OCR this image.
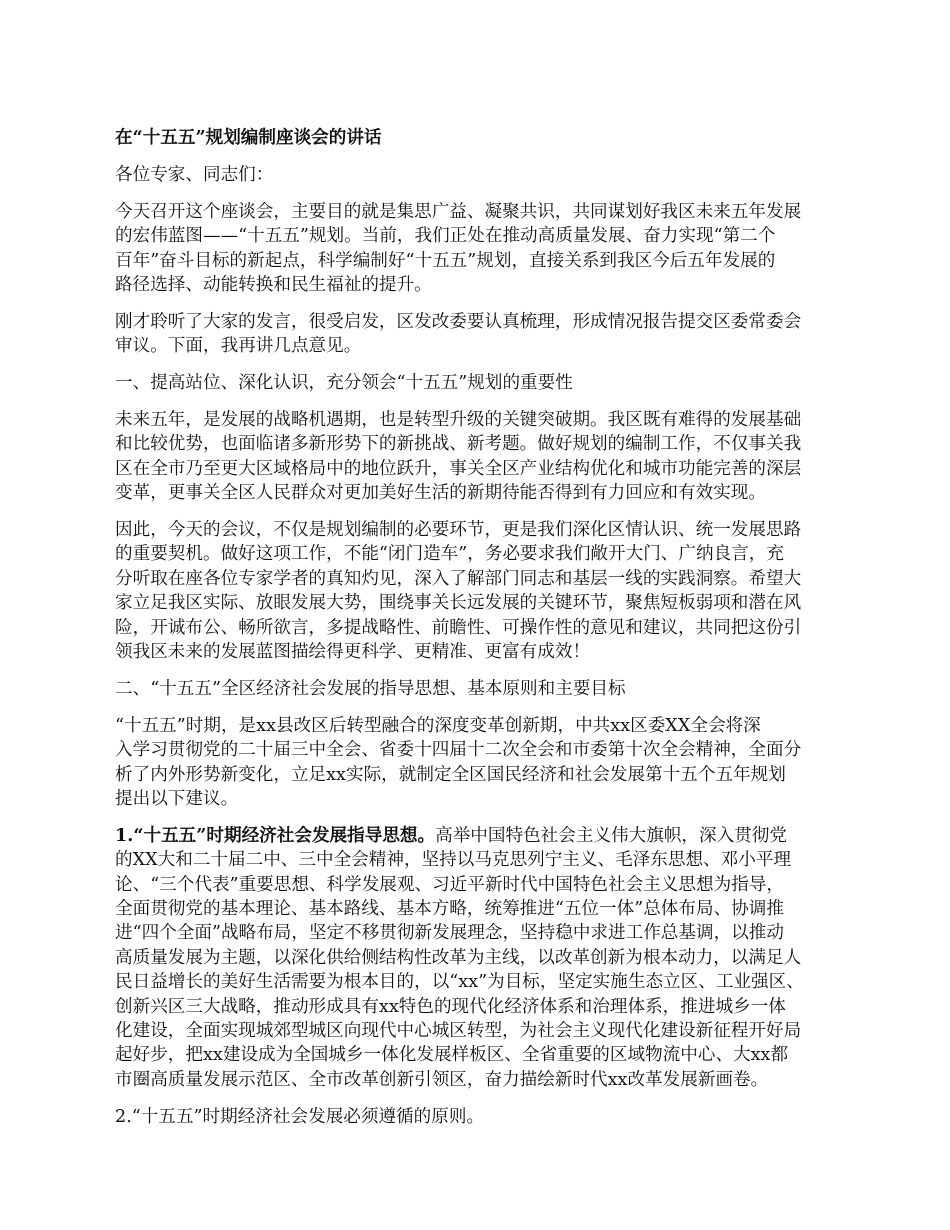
在“十五五”规划编制座谈会的讲话
各位专家、同志们：
今天召开这个座谈会，主要目的就是集思广益、凝聚共识，共同谋划好我区未来五年发展
的宏伟蓝图——“十五五”规划。当前，我们正处在推动高质量发展、奋力实现“第二个
百年”奋斗目标的新起点，科学编制好“十五五”规划，直接关系到我区今后五年发展的
路径选择、动能转换和民生福祉的提升。
刚才聆听了大家的发言，很受启发，区发改委要认真梳理，形成情况报告提交区委常委会
审议。下面，我再讲几点意见。
一、提高站位、深化认识，充分领会“十五五”规划的重要性
未来五年，是发展的战略机遇期，也是转型升级的关键突破期。我区既有难得的发展基础
和比较优势，也面临诸多新形势下的新挑战、新考题。做好规划的编制工作，不仅事关我
区在全市乃至更大区域格局中的地位跃升，事关全区产业结构优化和城市功能完善的深层
变革，更事关全区人民群众对更加美好生活的新期待能否得到有力回应和有效实现。
因此，今天的会议，不仅是规划编制的必要环节，更是我们深化区情认识、统一发展思路
的重要契机。做好这项工作，不能“闭门造车”，务必要求我们敞开大门、广纳良言，充
分听取在座各位专家学者的真知灼见，深入了解部门同志和基层一线的实践洞察。希望大
家立足我区实际、放眼发展大势，围绕事关长远发展的关键环节，聚焦短板弱项和潜在风
险，开诚布公、畅所欲言，多提战略性、前瞻性、可操作性的意见和建议，共同把这份引
领我区未来的发展蓝图描绘得更科学、更精准、更富有成效！
二、“十五五”全区经济社会发展的指导思想、基本原则和主要目标
“十五五”时期，是xx县改区后转型融合的深度变革创新期，中共xx区委XX全会将深
入学习贯彻党的二十届三中全会、省委十四届十二次全会和市委第十次全会精神，全面分
析了内外形势新变化，立足xx实际，就制定全区国民经济和社会发展第十五个五年规划
提出以下建议。
1.“十五五”时期经济社会发展指导思想。高举中国特色社会主义伟大旗帜，深入贯彻党
的XX大和二十届二中、三中全会精神，坚持以马克思列宁主义、毛泽东思想、邓小平理
论、“三个代表”重要思想、科学发展观、习近平新时代中国特色社会主义思想为指导，
全面贯彻党的基本理论、基本路线、基本方略，统筹推进“五位一体”总体布局、协调推
进“四个全面”战略布局，坚定不移贯彻新发展理念，坚持稳中求进工作总基调，以推动
高质量发展为主题，以深化供给侧结构性改革为主线，以改革创新为根本动力，以满足人
民日益增长的美好生活需要为根本目的，以“xx”为目标，坚定实施生态立区、工业强区、
创新兴区三大战略，推动形成具有xx特色的现代化经济体系和治理体系，推进城乡一体
化建设，全面实现城郊型城区向现代中心城区转型，为社会主义现代化建设新征程开好局
起好步，把xx建设成为全国城乡一体化发展样板区、全省重要的区域物流中心、大xx都
市圈高质量发展示范区、全市改革创新引领区，奋力描绘新时代xx改革发展新画卷。
2.“十五五”时期经济社会发展必须遵循的原则。
